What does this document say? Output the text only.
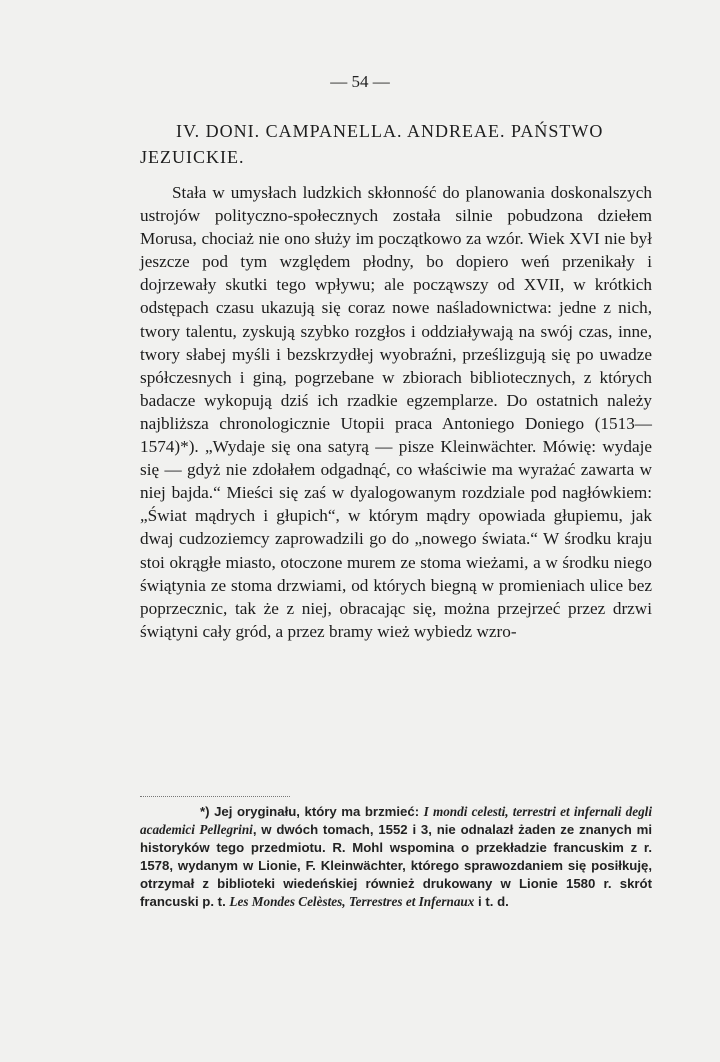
— 54 —
IV. DONI. CAMPANELLA. ANDREAE. PAŃSTWO JEZUICKIE.

Stała w umysłach ludzkich skłonność do planowania doskonalszych ustrojów polityczno-społecznych została silnie pobudzona dziełem Morusa, chociaż nie ono służy im początkowo za wzór. Wiek XVI nie był jeszcze pod tym względem płodny, bo dopiero weń przenikały i dojrzewały skutki tego wpływu; ale począwszy od XVII, w krótkich odstępach czasu ukazują się coraz nowe naśladownictwa: jedne z nich, twory talentu, zyskują szybko rozgłos i oddziaływają na swój czas, inne, twory słabej myśli i bezskrzydłej wyobraźni, prześlizgują się po uwadze spółczesnych i giną, pogrzebane w zbiorach bibliotecznych, z których badacze wykopują dziś ich rzadkie egzemplarze. Do ostatnich należy najbliższa chronologicznie Utopii praca Antoniego Doniego (1513—1574)*). „Wydaje się ona satyrą — pisze Kleinwächter. Mówię: wydaje się — gdyż nie zdołałem odgadnąć, co właściwie ma wyrażać zawarta w niej bajda.“ Mieści się zaś w dyalogowanym rozdziale pod nagłówkiem: „Świat mądrych i głupich“, w którym mądry opowiada głupiemu, jak dwaj cudzoziemcy zaprowadzili go do „nowego świata.“ W środku kraju stoi okrągłe miasto, otoczone murem ze stoma wieżami, a w środku niego świątynia ze stoma drzwiami, od których biegną w promieniach ulice bez poprzecznic, tak że z niej, obracając się, można przejrzeć przez drzwi świątyni cały gród, a przez bramy wież wybiedz wzro-

*) Jej oryginału, który ma brzmieć: I mondi celesti, terrestri et infernali degli academici Pellegrini, w dwóch tomach, 1552 i 3, nie odnalazł żaden ze znanych mi historyków tego przedmiotu. R. Mohl wspomina o przekładzie francuskim z r. 1578, wydanym w Lionie, F. Kleinwächter, którego sprawozdaniem się posiłkuję, otrzymał z biblioteki wiedeńskiej również drukowany w Lionie 1580 r. skrót francuski p. t. Les Mondes Celèstes, Terrestres et Infernaux i t. d.
